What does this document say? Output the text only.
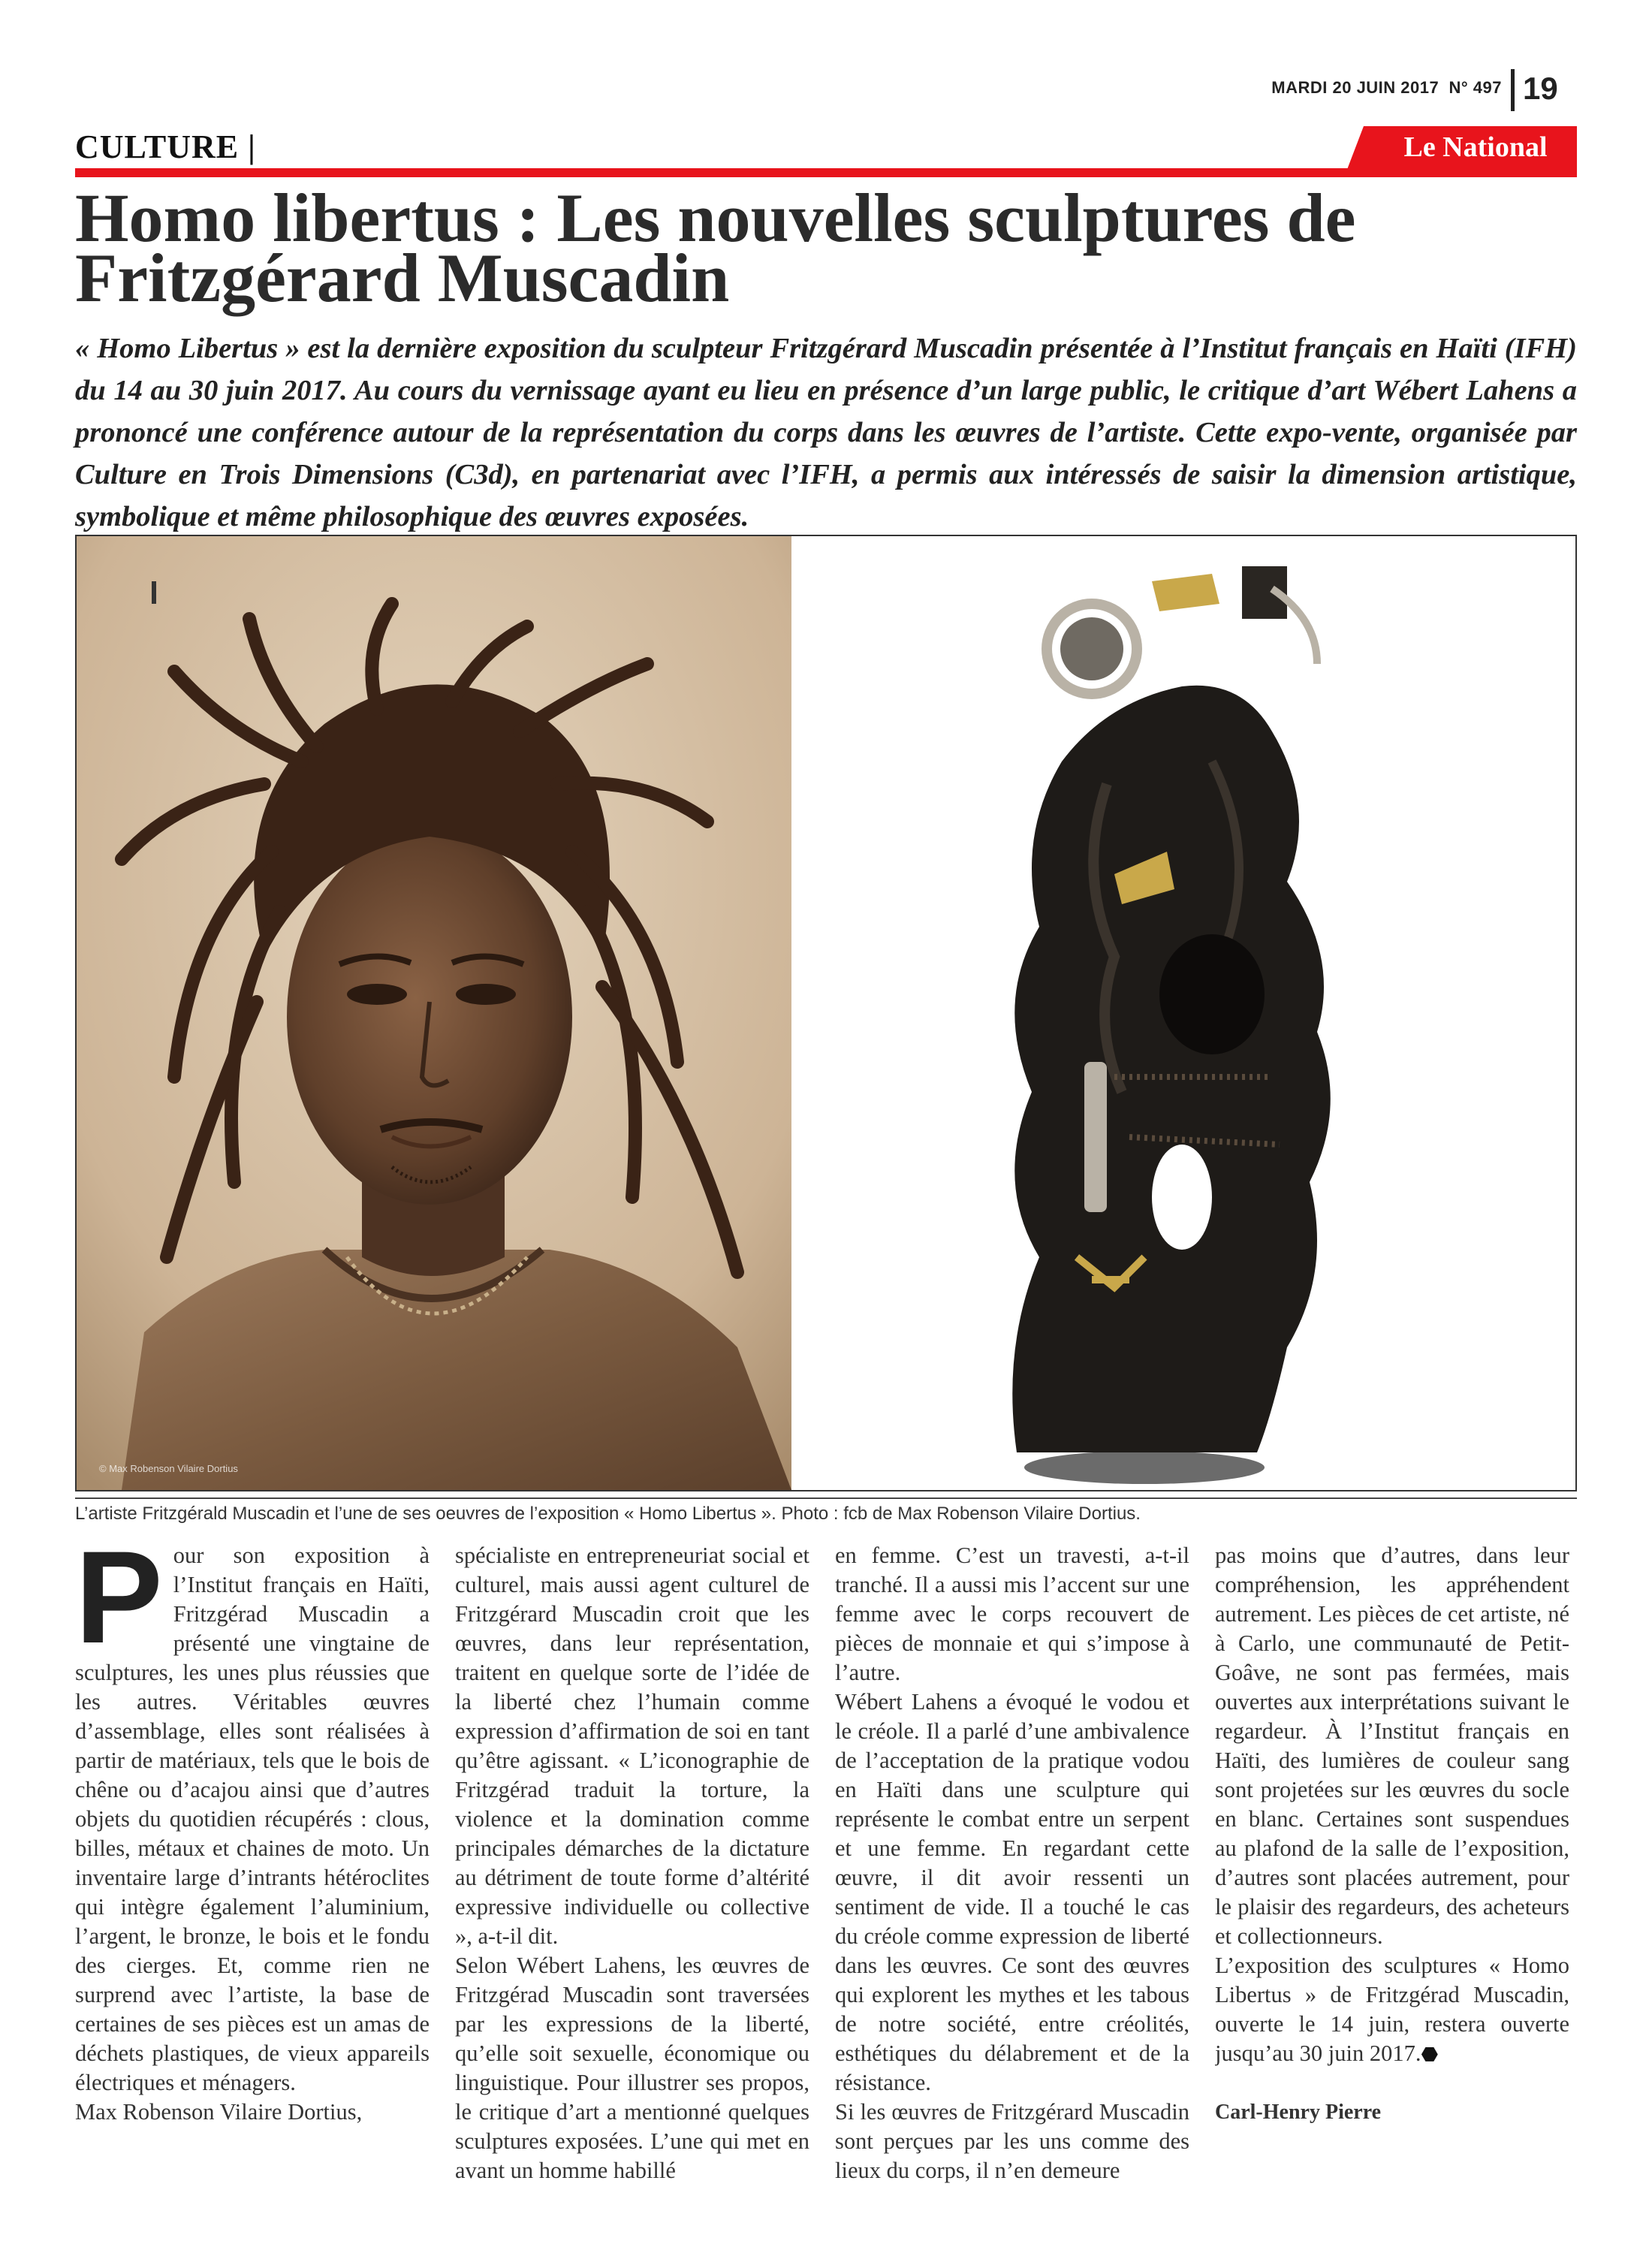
MARDI 20 JUIN 2017 N° 497 19
CULTURE |	Le National
Homo libertus : Les nouvelles sculptures de Fritzgérard Muscadin

« Homo Libertus » est la dernière exposition du sculpteur Fritzgérard Muscadin présentée à l’Institut français en Haïti (IFH) du 14 au 30 juin 2017. Au cours du vernissage ayant eu lieu en présence d’un large public, le critique d’art Wébert Lahens a prononcé une conférence autour de la représentation du corps dans les œuvres de l’artiste. Cette expo-vente, organisée par Culture en Trois Dimensions (C3d), en partenariat avec l’IFH, a permis aux intéressés de saisir la dimension artistique, symbolique et même philosophique des œuvres exposées.

© Max Robenson Vilaire Dortius
L’artiste Fritzgérald Muscadin et l’une de ses oeuvres de l’exposition « Homo Libertus ». Photo : fcb de Max Robenson Vilaire Dortius.
P our son exposition à l’Institut français en Haïti, Fritzgérad Muscadin a présenté une vingtaine de sculptures, les unes plus réussies que les autres. Véritables œuvres d’assemblage, elles sont réalisées à partir de matériaux, tels que le bois de chêne ou d’acajou ainsi que d’autres objets du quotidien récupérés : clous, billes, métaux et chaines de moto. Un inventaire large d’intrants hétéroclites qui intègre également l’aluminium, l’argent, le bronze, le bois et le fondu des cierges. Et, comme rien ne surprend avec l’artiste, la base de certaines de ses pièces est un amas de déchets plastiques, de vieux appareils électriques et ménagers.

Max Robenson Vilaire Dortius,

spécialiste en entrepreneuriat social et culturel, mais aussi agent culturel de Fritzgérard Muscadin croit que les œuvres, dans leur représentation, traitent en quelque sorte de l’idée de la liberté chez l’humain comme expression d’affirmation de soi en tant qu’être agissant. « L’iconographie de Fritzgérad traduit la torture, la violence et la domination comme principales démarches de la dictature au détriment de toute forme d’altérité expressive individuelle ou collective », a-t-il dit.

Selon Wébert Lahens, les œuvres de Fritzgérad Muscadin sont traversées par les expressions de la liberté, qu’elle soit sexuelle, économique ou linguistique. Pour illustrer ses propos, le critique d’art a mentionné quelques sculptures exposées. L’une qui met en avant un homme habillé

en femme. C’est un travesti, a-t-il tranché. Il a aussi mis l’accent sur une femme avec le corps recouvert de pièces de monnaie et qui s’impose à l’autre.

Wébert Lahens a évoqué le vodou et le créole. Il a parlé d’une ambivalence de l’acceptation de la pratique vodou en Haïti dans une sculpture qui représente le combat entre un serpent et une femme. En regardant cette œuvre, il dit avoir ressenti un sentiment de vide. Il a touché le cas du créole comme expression de liberté dans les œuvres. Ce sont des œuvres qui explorent les mythes et les tabous de notre société, entre créolités, esthétiques du délabrement et de la résistance.

Si les œuvres de Fritzgérard Muscadin sont perçues par les uns comme des lieux du corps, il n’en demeure

pas moins que d’autres, dans leur compréhension, les appréhendent autrement. Les pièces de cet artiste, né à Carlo, une communauté de Petit-Goâve, ne sont pas fermées, mais ouvertes aux interprétations suivant le regardeur. À l’Institut français en Haïti, des lumières de couleur sang sont projetées sur les œuvres du socle en blanc. Certaines sont suspendues au plafond de la salle de l’exposition, d’autres sont placées autrement, pour le plaisir des regardeurs, des acheteurs et collectionneurs.

L’exposition des sculptures « Homo Libertus » de Fritzgérad Muscadin, ouverte le 14 juin, restera ouverte jusqu’au 30 juin 2017.⬣

Carl-Henry Pierre
